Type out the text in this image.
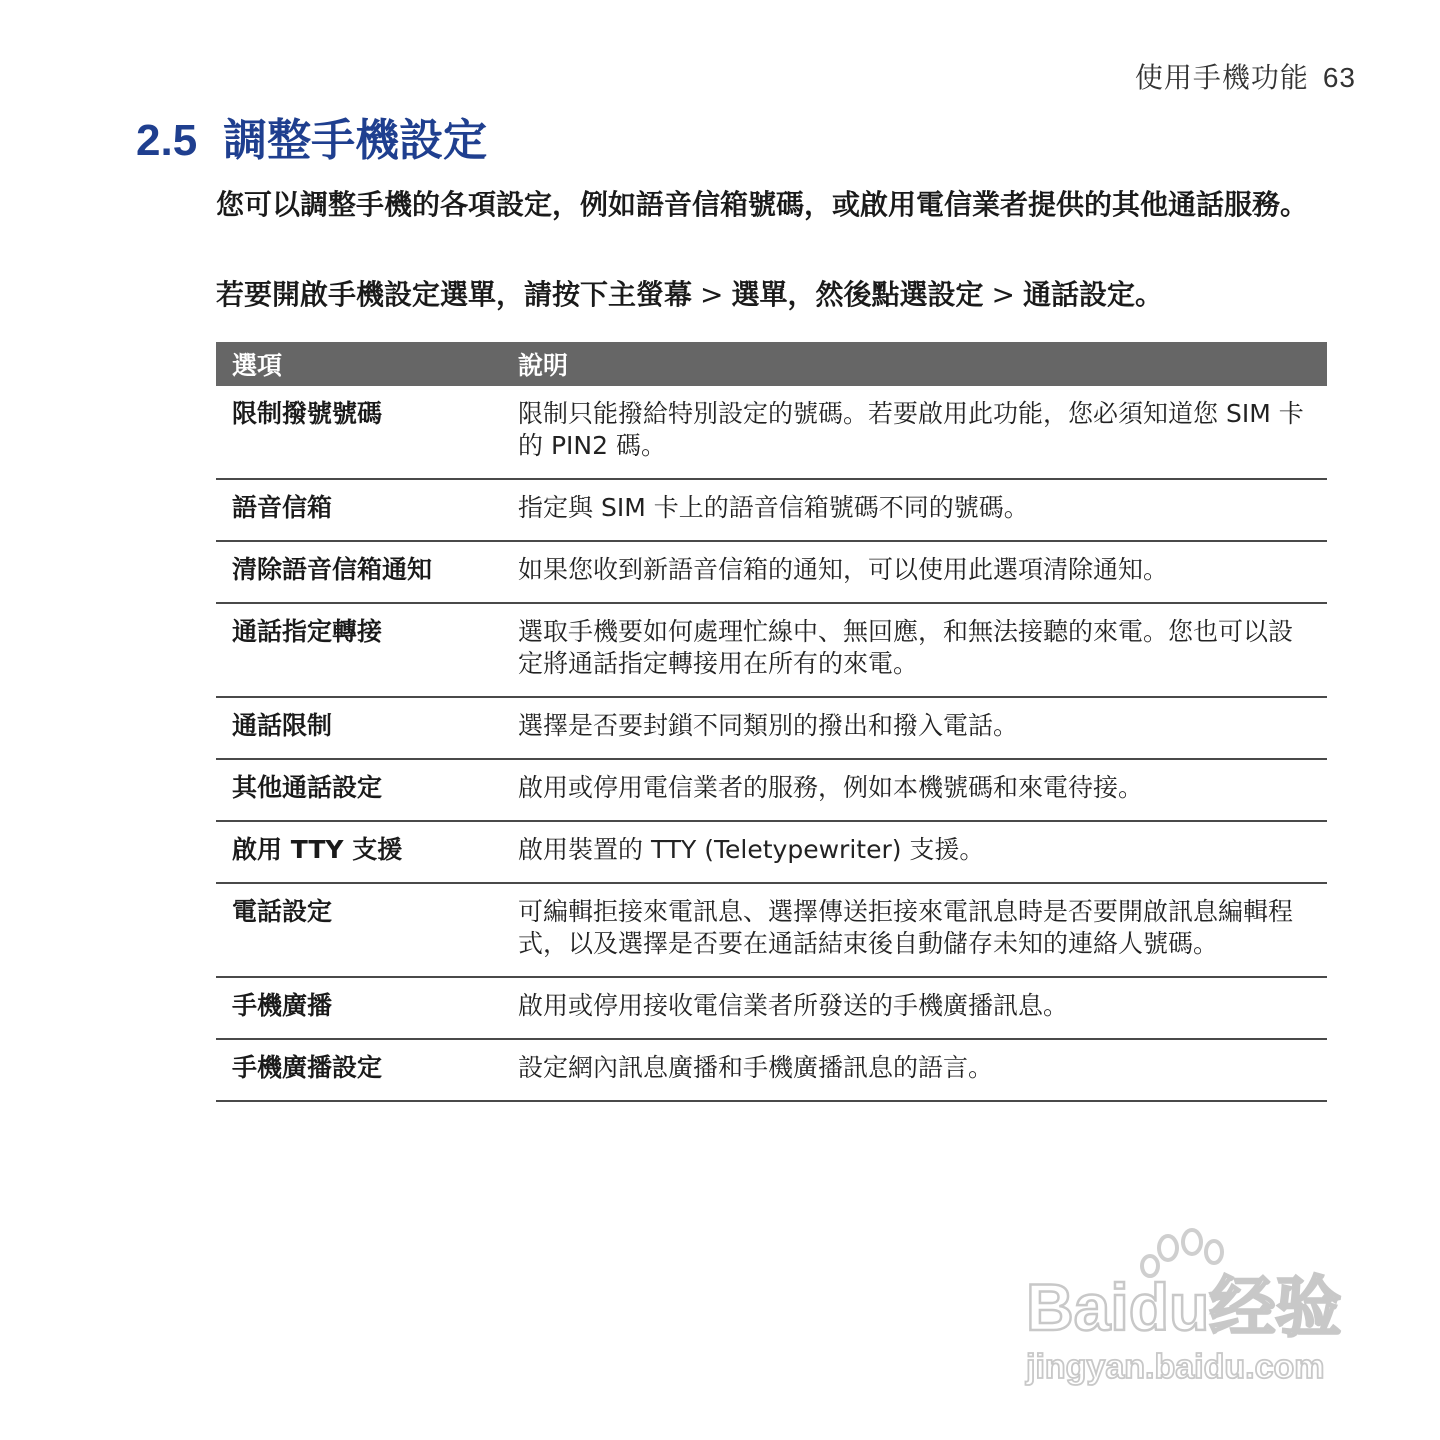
使用手機功能 63
2.5 調整手機設定

您可以調整手機的各項設定，例如語音信箱號碼，或啟用電信業者提供的其他通話服務。

若要開啟手機設定選單，請按下主螢幕 > 選單，然後點選設定 > 通話設定。

選項	說明
限制撥號號碼	限制只能撥給特別設定的號碼。若要啟用此功能，您必須知道您 SIM 卡的 PIN2 碼。
語音信箱	指定與 SIM 卡上的語音信箱號碼不同的號碼。
清除語音信箱通知	如果您收到新語音信箱的通知，可以使用此選項清除通知。
通話指定轉接	選取手機要如何處理忙線中、無回應，和無法接聽的來電。您也可以設定將通話指定轉接用在所有的來電。
通話限制	選擇是否要封鎖不同類別的撥出和撥入電話。
其他通話設定	啟用或停用電信業者的服務，例如本機號碼和來電待接。
啟用 TTY 支援	啟用裝置的 TTY (Teletypewriter) 支援。
電話設定	可編輯拒接來電訊息、選擇傳送拒接來電訊息時是否要開啟訊息編輯程式，以及選擇是否要在通話結束後自動儲存未知的連絡人號碼。
手機廣播	啟用或停用接收電信業者所發送的手機廣播訊息。
手機廣播設定	設定網內訊息廣播和手機廣播訊息的語言。
Baidu经验
jingyan.baidu.com
